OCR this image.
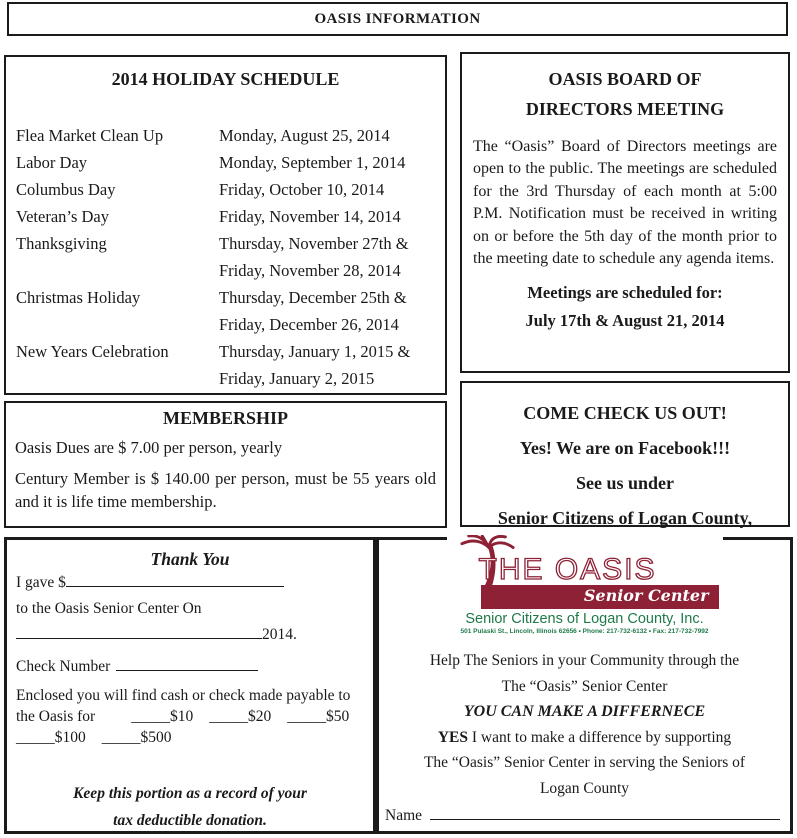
OASIS INFORMATION
2014 HOLIDAY SCHEDULE
Flea Market Clean Up	Monday, August 25, 2014
Labor Day	Monday, September 1, 2014
Columbus Day	Friday, October 10, 2014
Veteran’s Day	Friday, November 14, 2014
Thanksgiving	Thursday, November 27th &
Friday, November 28, 2014
Christmas Holiday	Thursday, December 25th &
Friday, December 26, 2014
New Years Celebration	Thursday, January 1, 2015 &
Friday, January 2, 2015
OASIS BOARD OF
DIRECTORS MEETING
The “Oasis” Board of Directors meetings are open to the public. The meetings are scheduled for the 3rd Thursday of each month at 5:00 P.M. Notification must be received in writing on or before the 5th day of the month prior to the meeting date to schedule any agenda items.
Meetings are scheduled for:
July 17th & August 21, 2014
COME CHECK US OUT!
Yes! We are on Facebook!!!
See us under
Senior Citizens of Logan County,
MEMBERSHIP
Oasis Dues are $ 7.00 per person, yearly
Century Member is $ 140.00 per person, must be 55 years old and it is life time membership.
Thank You
I gave $
to the Oasis Senior Center On
2014.
Check Number
Enclosed you will find cash or check made payable to
the Oasis for _____$10 _____$20 _____$50
_____$100 _____$500
Keep this portion as a record of your
tax deductible donation.
THE OASIS
Senior Center
Senior Citizens of Logan County, Inc.
501 Pulaski St., Lincoln, Illinois 62656 • Phone: 217-732-6132 • Fax: 217-732-7992
Help The Seniors in your Community through the
The “Oasis” Senior Center
YOU CAN MAKE A DIFFERNECE
YES I want to make a difference by supporting
The “Oasis” Senior Center in serving the Seniors of
Logan County
Name
